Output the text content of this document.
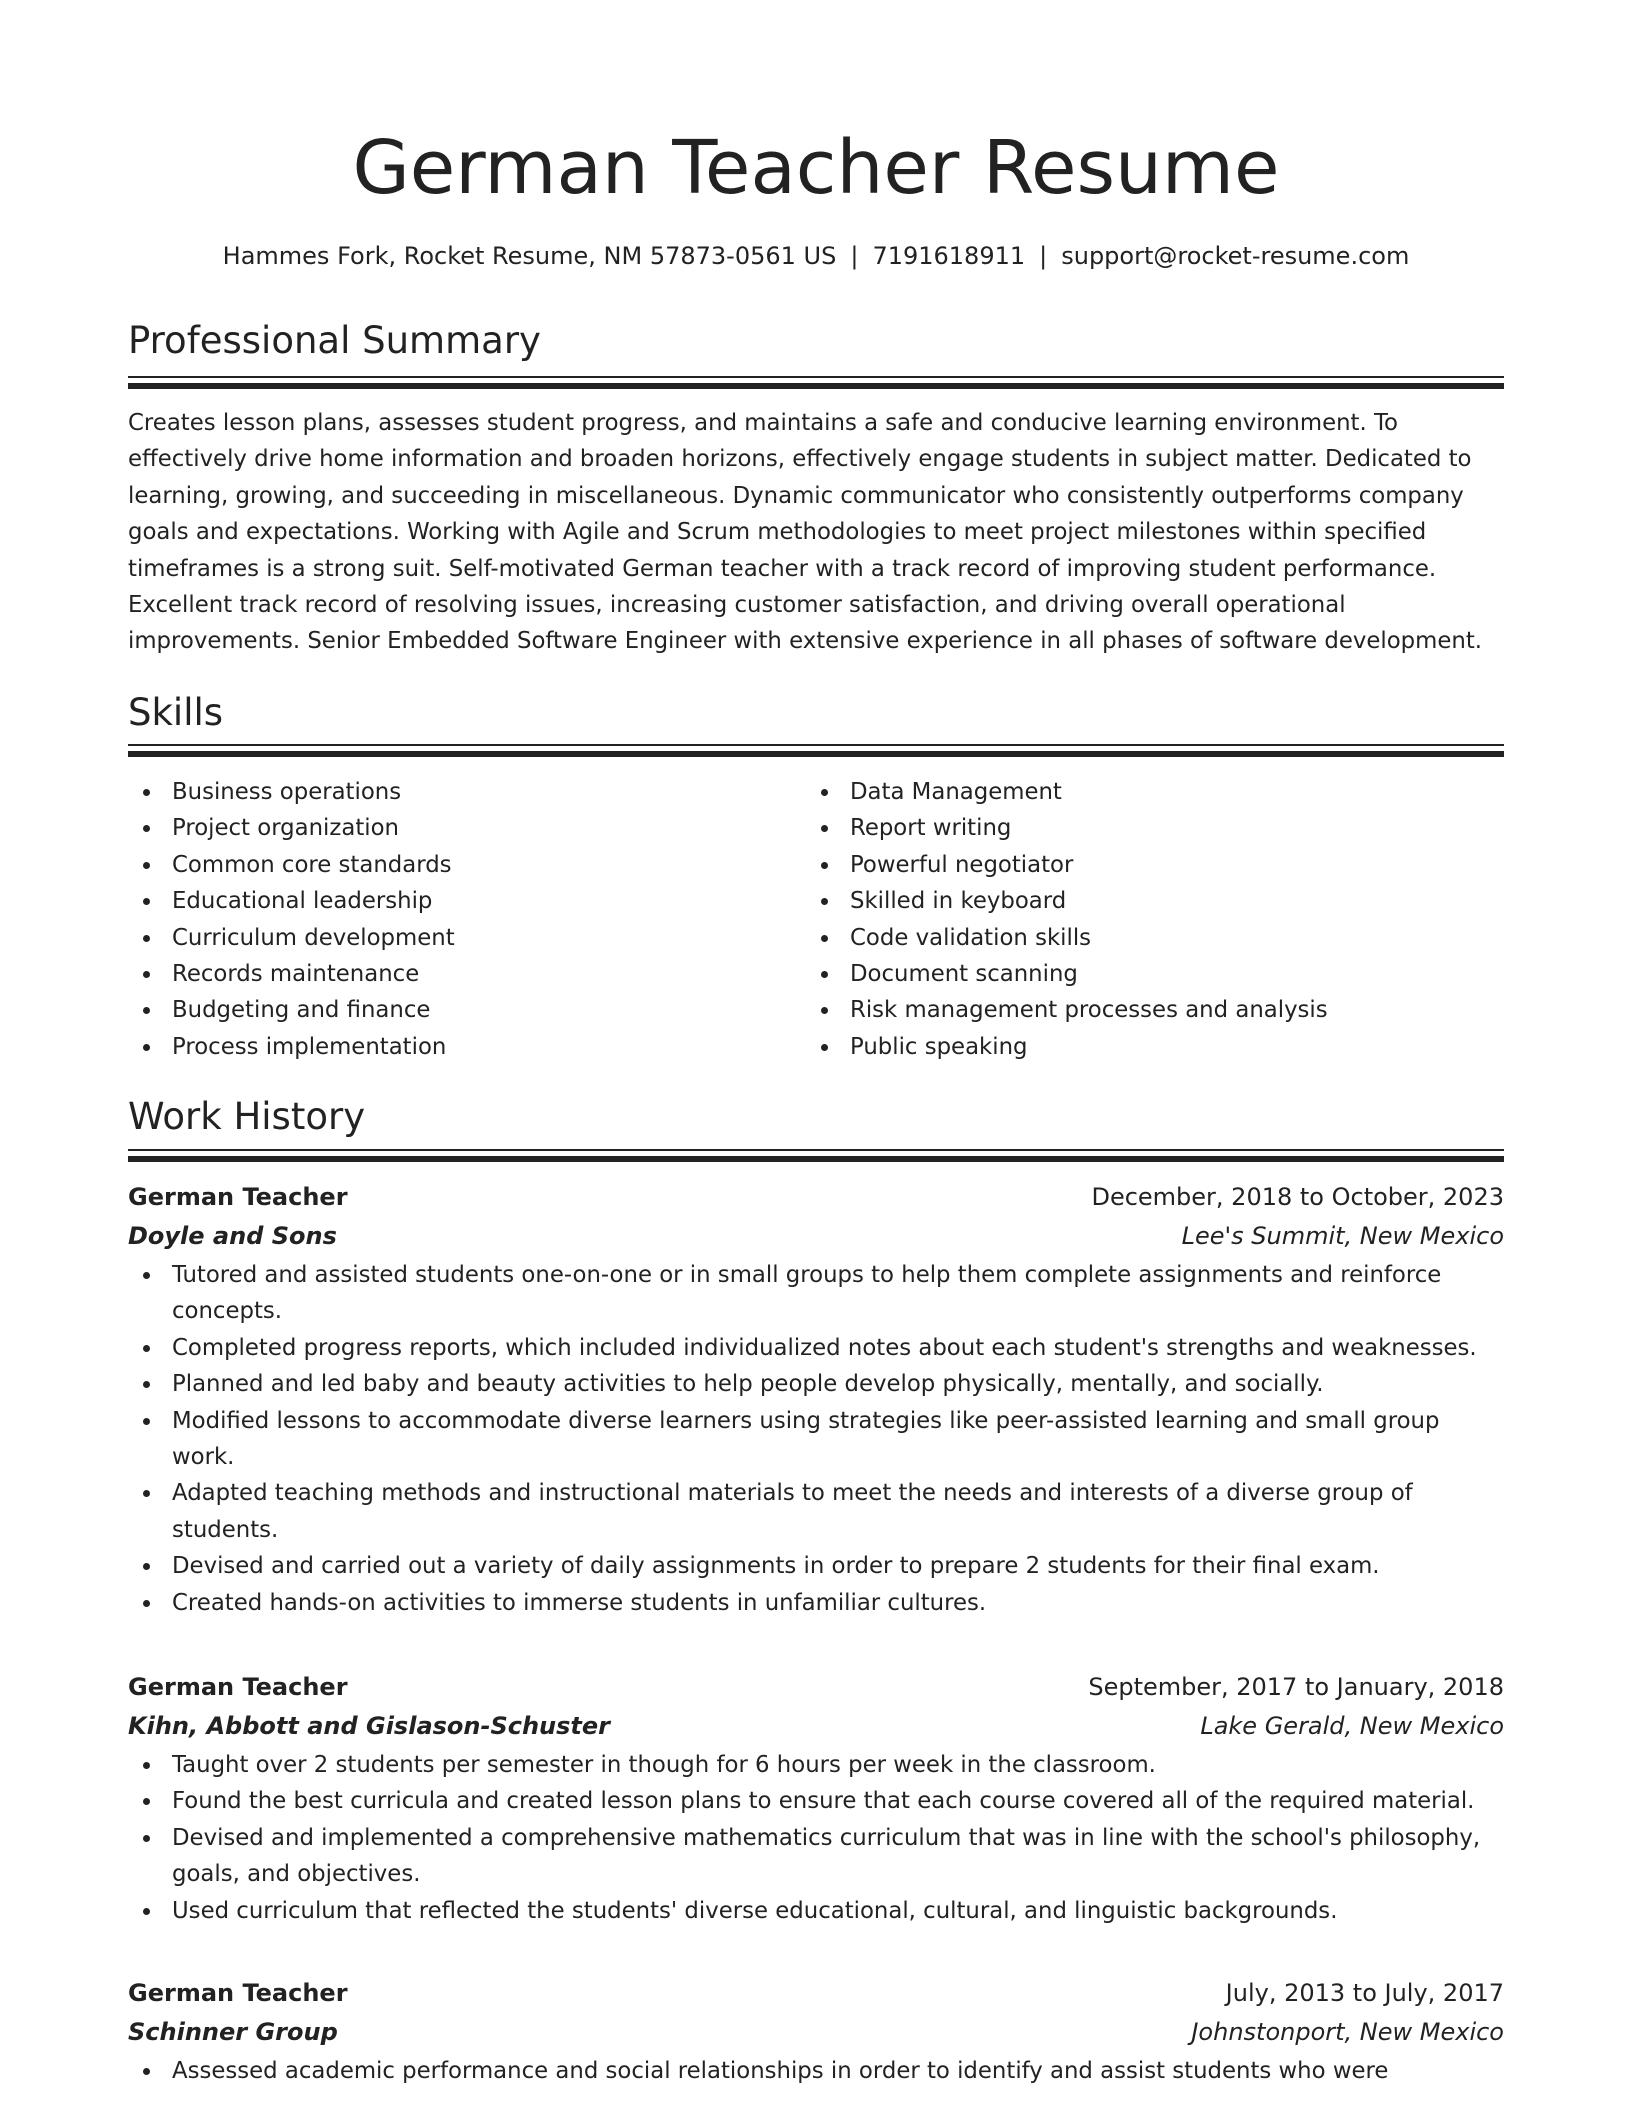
German Teacher Resume
Hammes Fork, Rocket Resume, NM 57873-0561 US | 7191618911 | support@rocket-resume.com
Professional Summary

Creates lesson plans, assesses student progress, and maintains a safe and conducive learning environment. To effectively drive home information and broaden horizons, effectively engage students in subject matter. Dedicated to learning, growing, and succeeding in miscellaneous. Dynamic communicator who consistently outperforms company goals and expectations. Working with Agile and Scrum methodologies to meet project milestones within specified timeframes is a strong suit. Self-motivated German teacher with a track record of improving student performance. Excellent track record of resolving issues, increasing customer satisfaction, and driving overall operational improvements. Senior Embedded Software Engineer with extensive experience in all phases of software development.

Skills
Business operations
Project organization
Common core standards
Educational leadership
Curriculum development
Records maintenance
Budgeting and finance
Process implementation
Data Management
Report writing
Powerful negotiator
Skilled in keyboard
Code validation skills
Document scanning
Risk management processes and analysis
Public speaking
Work History
German Teacher	December, 2018 to October, 2023
Doyle and Sons	Lee's Summit, New Mexico
Tutored and assisted students one-on-one or in small groups to help them complete assignments and reinforce concepts.
Completed progress reports, which included individualized notes about each student's strengths and weaknesses.
Planned and led baby and beauty activities to help people develop physically, mentally, and socially.
Modified lessons to accommodate diverse learners using strategies like peer-assisted learning and small group work.
Adapted teaching methods and instructional materials to meet the needs and interests of a diverse group of students.
Devised and carried out a variety of daily assignments in order to prepare 2 students for their final exam.
Created hands-on activities to immerse students in unfamiliar cultures.
German Teacher	September, 2017 to January, 2018
Kihn, Abbott and Gislason-Schuster	Lake Gerald, New Mexico
Taught over 2 students per semester in though for 6 hours per week in the classroom.
Found the best curricula and created lesson plans to ensure that each course covered all of the required material.
Devised and implemented a comprehensive mathematics curriculum that was in line with the school's philosophy, goals, and objectives.
Used curriculum that reflected the students' diverse educational, cultural, and linguistic backgrounds.
German Teacher	July, 2013 to July, 2017
Schinner Group	Johnstonport, New Mexico
Assessed academic performance and social relationships in order to identify and assist students who were
